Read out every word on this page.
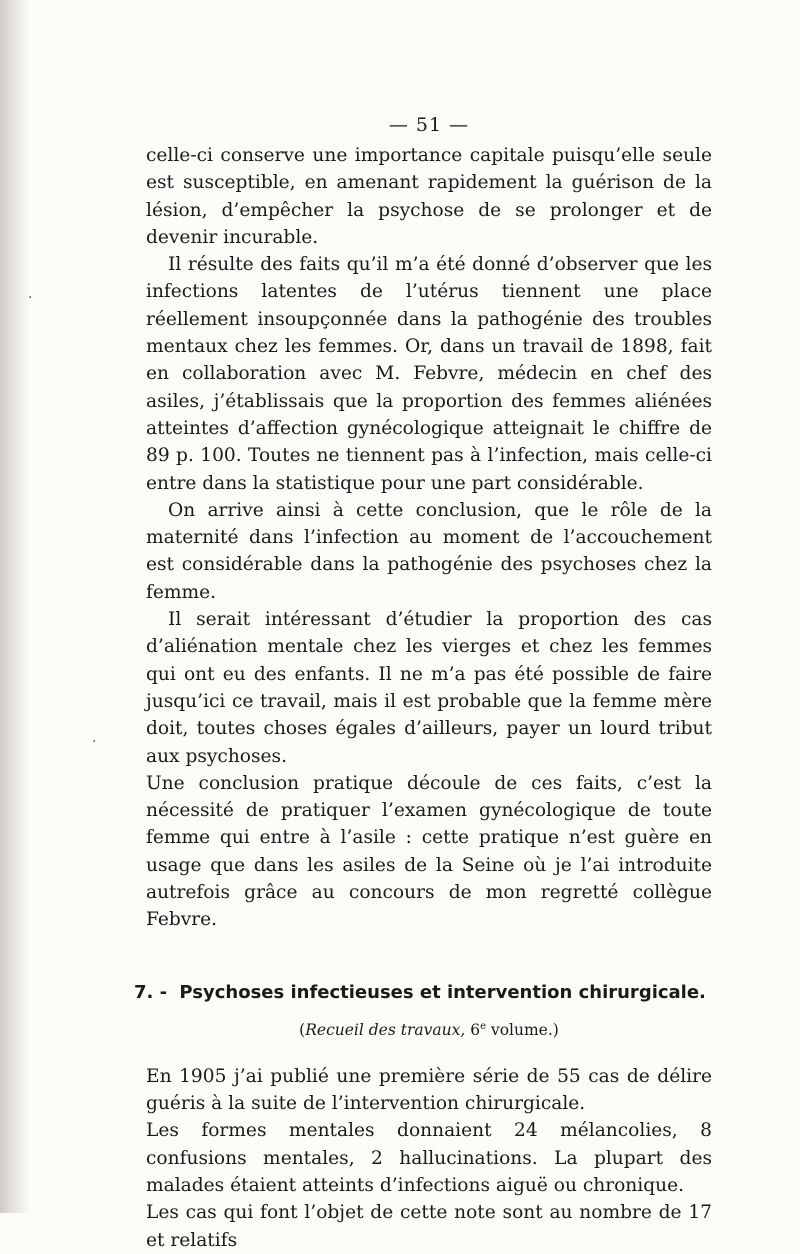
— 51 —

celle-ci conserve une importance capitale puisqu’elle seule est susceptible, en amenant rapidement la guérison de la lésion, d’empêcher la psychose de se prolonger et de devenir incurable.

Il résulte des faits qu’il m’a été donné d’observer que les infections latentes de l’utérus tiennent une place réellement insoupçonnée dans la pathogénie des troubles mentaux chez les femmes. Or, dans un travail de 1898, fait en collaboration avec M. Febvre, médecin en chef des asiles, j’établissais que la proportion des femmes aliénées atteintes d’affection gynécologique atteignait le chiffre de 89 p. 100. Toutes ne tiennent pas à l’infection, mais celle-ci entre dans la statistique pour une part considérable.

On arrive ainsi à cette conclusion, que le rôle de la maternité dans l’infection au moment de l’accouchement est considérable dans la pathogénie des psychoses chez la femme.

Il serait intéressant d’étudier la proportion des cas d’aliénation mentale chez les vierges et chez les femmes qui ont eu des enfants. Il ne m’a pas été possible de faire jusqu’ici ce travail, mais il est probable que la femme mère doit, toutes choses égales d’ailleurs, payer un lourd tribut aux psychoses.

Une conclusion pratique découle de ces faits, c’est la nécessité de pratiquer l’examen gynécologique de toute femme qui entre à l’asile : cette pratique n’est guère en usage que dans les asiles de la Seine où je l’ai introduite autrefois grâce au concours de mon regretté collègue Febvre.

7. - Psychoses infectieuses et intervention chirurgicale.
(Recueil des travaux, 6e volume.)

En 1905 j’ai publié une première série de 55 cas de délire guéris à la suite de l’intervention chirurgicale.

Les formes mentales donnaient 24 mélancolies, 8 confusions mentales, 2 hallucinations. La plupart des malades étaient atteints d’infections aiguë ou chronique.

Les cas qui font l’objet de cette note sont au nombre de 17 et relatifs

·
·
